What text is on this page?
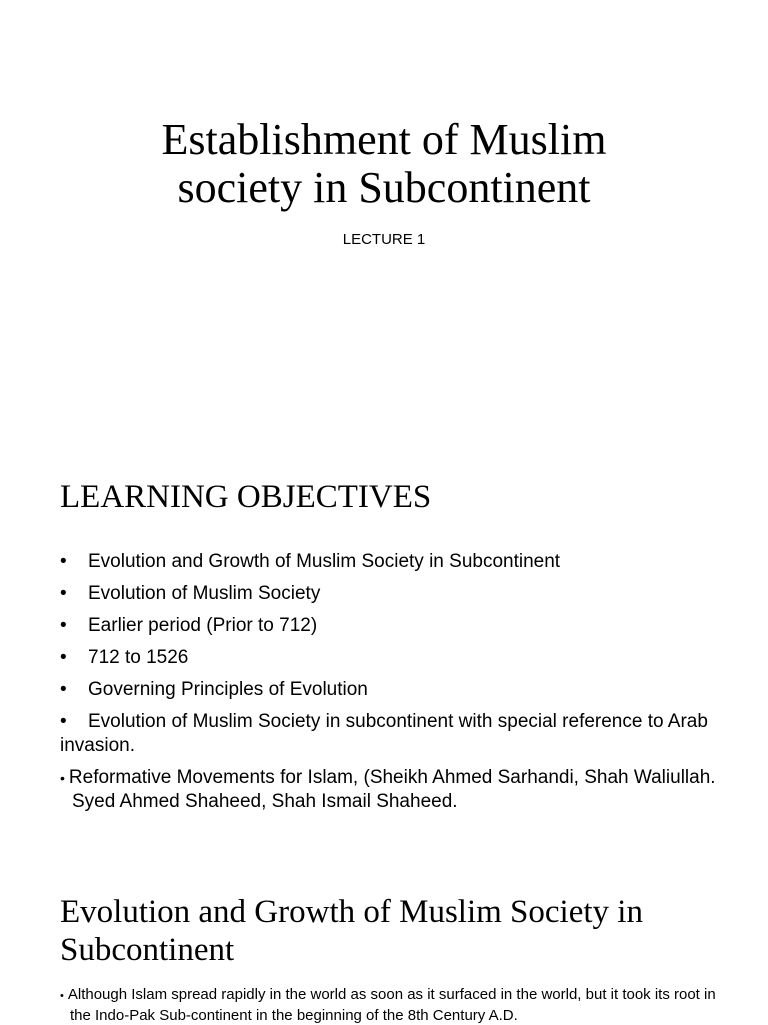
Establishment of Muslim
society in Subcontinent

LECTURE 1

LEARNING OBJECTIVES
• Evolution and Growth of Muslim Society in Subcontinent
• Evolution of Muslim Society
• Earlier period (Prior to 712)
• 712 to 1526
• Governing Principles of Evolution
• Evolution of Muslim Society in subcontinent with special reference to Arab invasion.
• Reformative Movements for Islam, (Sheikh Ahmed Sarhandi, Shah Waliullah. Syed Ahmed Shaheed, Shah Ismail Shaheed.
Evolution and Growth of Muslim Society in
Subcontinent
• Although Islam spread rapidly in the world as soon as it surfaced in the world, but it took its root in the Indo-Pak Sub-continent in the beginning of the 8th Century A.D.
